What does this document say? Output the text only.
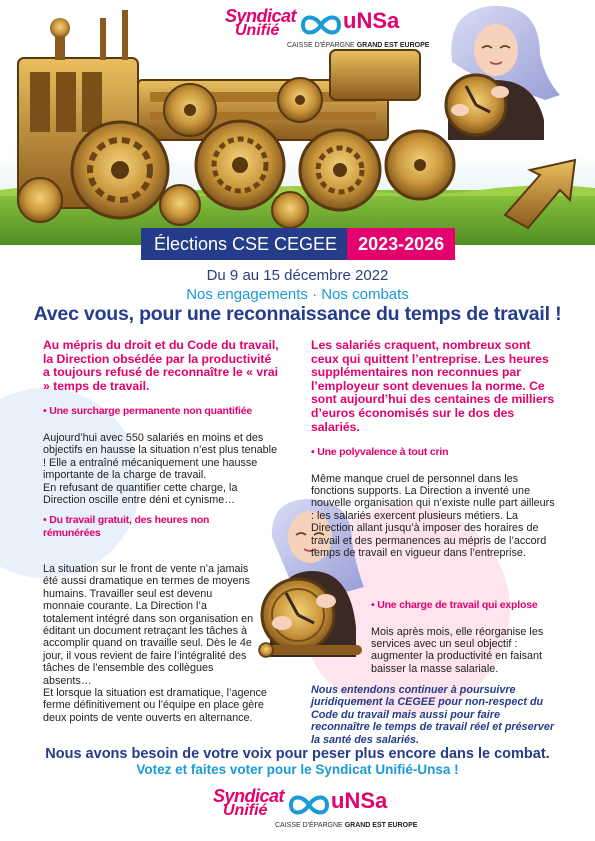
Syndicat
Unifié	uNSa
CAISSE D'ÉPARGNE GRAND EST EUROPE
Élections CSE CEGEE	2023-2026
Du 9 au 15 décembre 2022
Nos engagements · Nos combats
Avec vous, pour une reconnaissance du temps de travail !

Au mépris du droit et du Code du travail, la Direction obsédée par la productivité a toujours refusé de reconnaître le « vrai » temps de travail.

• Une surcharge permanente non quantifiée

Aujourd’hui avec 550 salariés en moins et des objectifs en hausse la situation n’est plus tenable ! Elle a entraîné mécaniquement une hausse importante de la charge de travail.

En refusant de quantifier cette charge, la Direction oscille entre déni et cynisme…

• Du travail gratuit, des heures non rémunérées

La situation sur le front de vente n’a jamais été aussi dramatique en termes de moyens humains. Travailler seul est devenu monnaie courante. La Direction l’a totalement intégré dans son organisation en éditant un document retraçant les tâches à accomplir quand on travaille seul. Dès le 4e jour, il vous revient de faire l’intégralité des tâches de l’ensemble des collègues absents…

Et lorsque la situation est dramatique, l’agence ferme définitivement ou l’équipe en place gère deux points de vente ouverts en alternance.

Les salariés craquent, nombreux sont ceux qui quittent l’entreprise. Les heures supplémentaires non reconnues par l’employeur sont devenues la norme. Ce sont aujourd’hui des centaines de milliers d’euros économisés sur le dos des salariés.

• Une polyvalence à tout crin

Même manque cruel de personnel dans les fonctions supports. La Direction a inventé une nouvelle organisation qui n’existe nulle part ailleurs : les salariés exercent plusieurs métiers. La Direction allant jusqu’à imposer des horaires de travail et des permanences au mépris de l’accord temps de travail en vigueur dans l’entreprise.

• Une charge de travail qui explose

Mois après mois, elle réorganise les services avec un seul objectif : augmenter la productivité en faisant baisser la masse salariale.

Nous entendons continuer à poursuivre juridiquement la CEGEE pour non-respect du Code du travail mais aussi pour faire reconnaître le temps de travail réel et préserver la santé des salariés.

Nous avons besoin de votre voix pour peser plus encore dans le combat.
Votez et faites voter pour le Syndicat Unifié-Unsa !
Syndicat
Unifié	uNSa
CAISSE D'ÉPARGNE GRAND EST EUROPE
